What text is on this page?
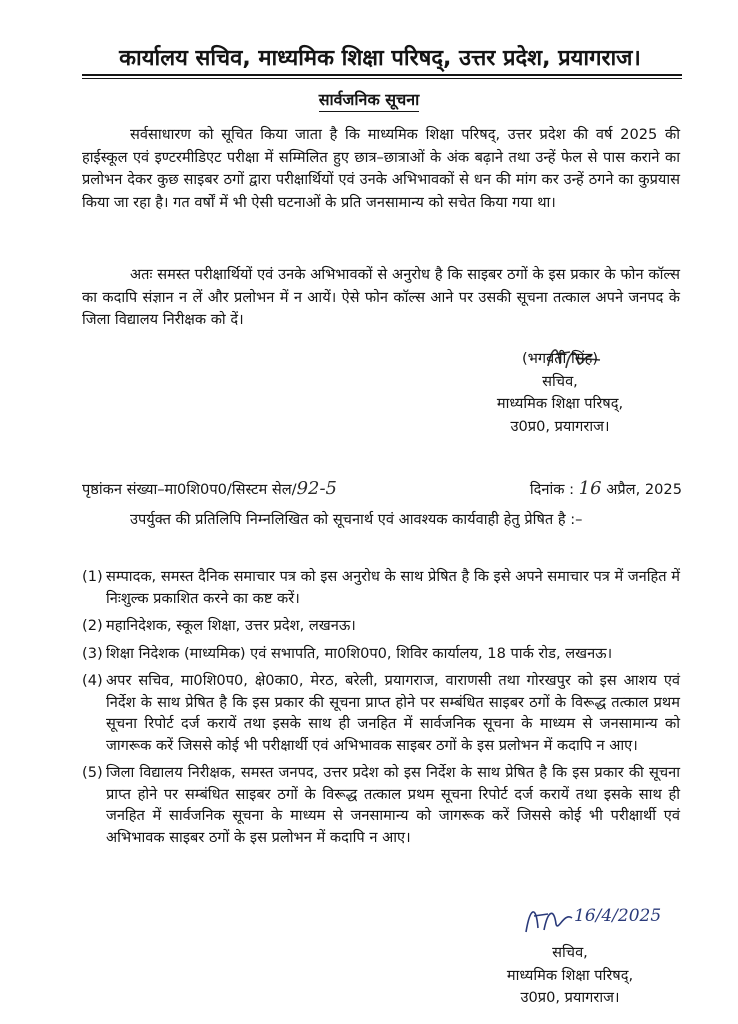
कार्यालय सचिव, माध्यमिक शिक्षा परिषद्, उत्तर प्रदेश, प्रयागराज।
सार्वजनिक सूचना
सर्वसाधारण को सूचित किया जाता है कि माध्यमिक शिक्षा परिषद्, उत्तर प्रदेश की वर्ष 2025 की हाईस्कूल एवं इण्टरमीडिएट परीक्षा में सम्मिलित हुए छात्र–छात्राओं के अंक बढ़ाने तथा उन्हें फेल से पास कराने का प्रलोभन देकर कुछ साइबर ठगों द्वारा परीक्षार्थियों एवं उनके अभिभावकों से धन की मांग कर उन्हें ठगने का कुप्रयास किया जा रहा है। गत वर्षों में भी ऐसी घटनाओं के प्रति जनसामान्य को सचेत किया गया था।
अतः समस्त परीक्षार्थियों एवं उनके अभिभावकों से अनुरोध है कि साइबर ठगों के इस प्रकार के फोन कॉल्स का कदापि संज्ञान न लें और प्रलोभन में न आयें। ऐसे फोन कॉल्स आने पर उसकी सूचना तत्काल अपने जनपद के जिला विद्यालय निरीक्षक को दें।
(भगवती सिंह)
सचिव,
माध्यमिक शिक्षा परिषद्,
उ0प्र0, प्रयागराज।
पृष्ठांकन संख्या–मा0शि0प0/सिस्टम सेल/92-5	दिनांक : 16 अप्रैल, 2025
उपर्युक्त की प्रतिलिपि निम्नलिखित को सूचनार्थ एवं आवश्यक कार्यवाही हेतु प्रेषित है :–
(1) सम्पादक, समस्त दैनिक समाचार पत्र को इस अनुरोध के साथ प्रेषित है कि इसे अपने समाचार पत्र में जनहित में निःशुल्क प्रकाशित करने का कष्ट करें।
(2) महानिदेशक, स्कूल शिक्षा, उत्तर प्रदेश, लखनऊ।
(3) शिक्षा निदेशक (माध्यमिक) एवं सभापति, मा0शि0प0, शिविर कार्यालय, 18 पार्क रोड, लखनऊ।
(4) अपर सचिव, मा0शि0प0, क्षे0का0, मेरठ, बरेली, प्रयागराज, वाराणसी तथा गोरखपुर को इस आशय एवं निर्देश के साथ प्रेषित है कि इस प्रकार की सूचना प्राप्त होने पर सम्बंधित साइबर ठगों के विरूद्ध तत्काल प्रथम सूचना रिपोर्ट दर्ज करायें तथा इसके साथ ही जनहित में सार्वजनिक सूचना के माध्यम से जनसामान्य को जागरूक करें जिससे कोई भी परीक्षार्थी एवं अभिभावक साइबर ठगों के इस प्रलोभन में कदापि न आए।
(5) जिला विद्यालय निरीक्षक, समस्त जनपद, उत्तर प्रदेश को इस निर्देश के साथ प्रेषित है कि इस प्रकार की सूचना प्राप्त होने पर सम्बंधित साइबर ठगों के विरूद्ध तत्काल प्रथम सूचना रिपोर्ट दर्ज करायें तथा इसके साथ ही जनहित में सार्वजनिक सूचना के माध्यम से जनसामान्य को जागरूक करें जिससे कोई भी परीक्षार्थी एवं अभिभावक साइबर ठगों के इस प्रलोभन में कदापि न आए।
16/4/2025
सचिव,
माध्यमिक शिक्षा परिषद्,
उ0प्र0, प्रयागराज।
